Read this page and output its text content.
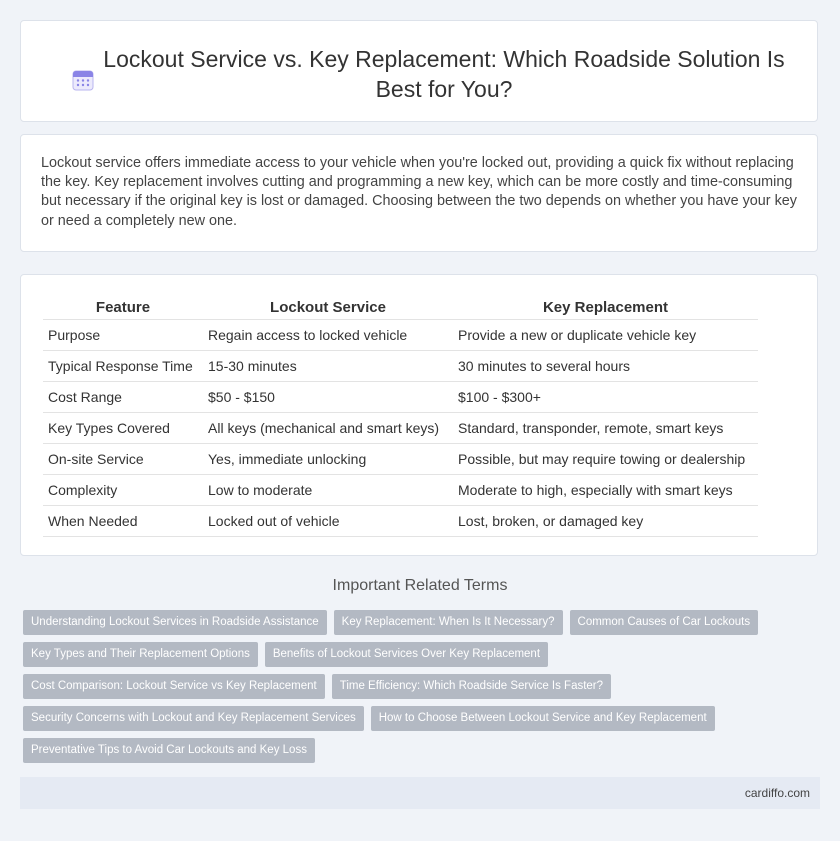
Lockout Service vs. Key Replacement: Which Roadside Solution Is Best for You?

Lockout service offers immediate access to your vehicle when you're locked out, providing a quick fix without replacing the key. Key replacement involves cutting and programming a new key, which can be more costly and time-consuming but necessary if the original key is lost or damaged. Choosing between the two depends on whether you have your key or need a completely new one.

Feature	Lockout Service	Key Replacement
Purpose	Regain access to locked vehicle	Provide a new or duplicate vehicle key
Typical Response Time	15-30 minutes	30 minutes to several hours
Cost Range	$50 - $150	$100 - $300+
Key Types Covered	All keys (mechanical and smart keys)	Standard, transponder, remote, smart keys
On-site Service	Yes, immediate unlocking	Possible, but may require towing or dealership
Complexity	Low to moderate	Moderate to high, especially with smart keys
When Needed	Locked out of vehicle	Lost, broken, or damaged key
Important Related Terms
Understanding Lockout Services in Roadside Assistance	Key Replacement: When Is It Necessary?	Common Causes of Car Lockouts
Key Types and Their Replacement Options	Benefits of Lockout Services Over Key Replacement
Cost Comparison: Lockout Service vs Key Replacement	Time Efficiency: Which Roadside Service Is Faster?
Security Concerns with Lockout and Key Replacement Services	How to Choose Between Lockout Service and Key Replacement
Preventative Tips to Avoid Car Lockouts and Key Loss
cardiffo.com
